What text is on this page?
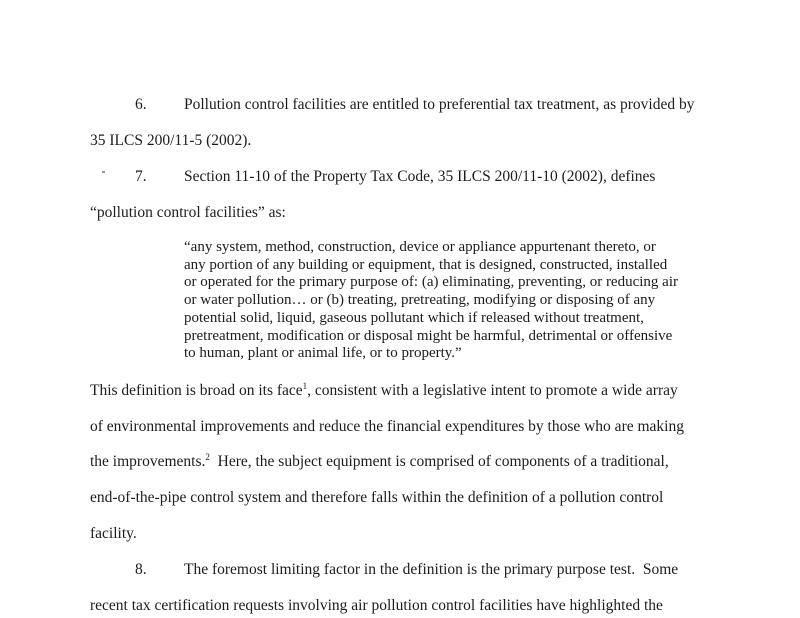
6. Pollution control facilities are entitled to preferential tax treatment, as provided by
35 ILCS 200/11-5 (2002).
7. Section 11-10 of the Property Tax Code, 35 ILCS 200/11-10 (2002), defines
“pollution control facilities” as:
“any system, method, construction, device or appliance appurtenant thereto, or
any portion of any building or equipment, that is designed, constructed, installed
or operated for the primary purpose of: (a) eliminating, preventing, or reducing air
or water pollution… or (b) treating, pretreating, modifying or disposing of any
potential solid, liquid, gaseous pollutant which if released without treatment,
pretreatment, modification or disposal might be harmful, detrimental or offensive
to human, plant or animal life, or to property.”
This definition is broad on its face$^1$, consistent with a legislative intent to promote a wide array
of environmental improvements and reduce the financial expenditures by those who are making
the improvements.$^2$  Here, the subject equipment is comprised of components of a traditional,
end-of-the-pipe control system and therefore falls within the definition of a pollution control
facility.
8. The foremost limiting factor in the definition is the primary purpose test.  Some
recent tax certification requests involving air pollution control facilities have highlighted the
